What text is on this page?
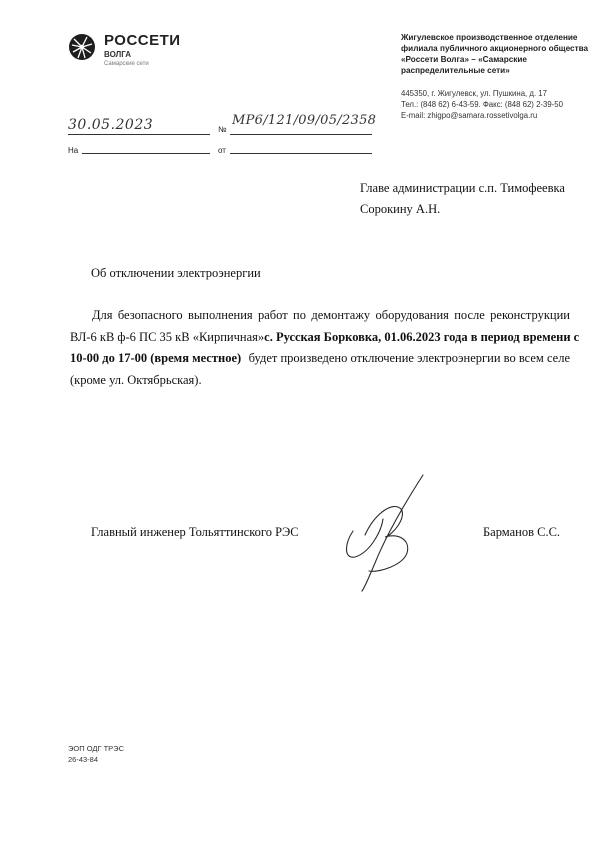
РОССЕТИ
ВОЛГА
Самарские сети
Жигулевское производственное отделение
филиала публичного акционерного общества
«Россети Волга» – «Самарские
распределительные сети»
445350, г. Жигулевск, ул. Пушкина, д. 17
Тел.: (848 62) 6-43-59. Факс: (848 62) 2-39-50
E-mail: zhigpo@samara.rossetivolga.ru
30.05.2023	№
МР6/121/09/05/2358
На	от
Главе администрации с.п. Тимофеевка
Сорокину А.Н.
Об отключении электроэнергии
Для безопасного выполнения работ по демонтажу оборудования после реконструкции
ВЛ-6 кВ ф-6 ПС 35 кВ «Кирпичная» с. Русская Борковка, 01.06.2023 года в период времени с
10-00 до 17-00 (время местное) будет произведено отключение электроэнергии во всем селе
(кроме ул. Октябрьская).
Главный инженер Тольяттинского РЭС	Барманов С.С.
ЭОП ОДГ ТРЭС
26-43-84
